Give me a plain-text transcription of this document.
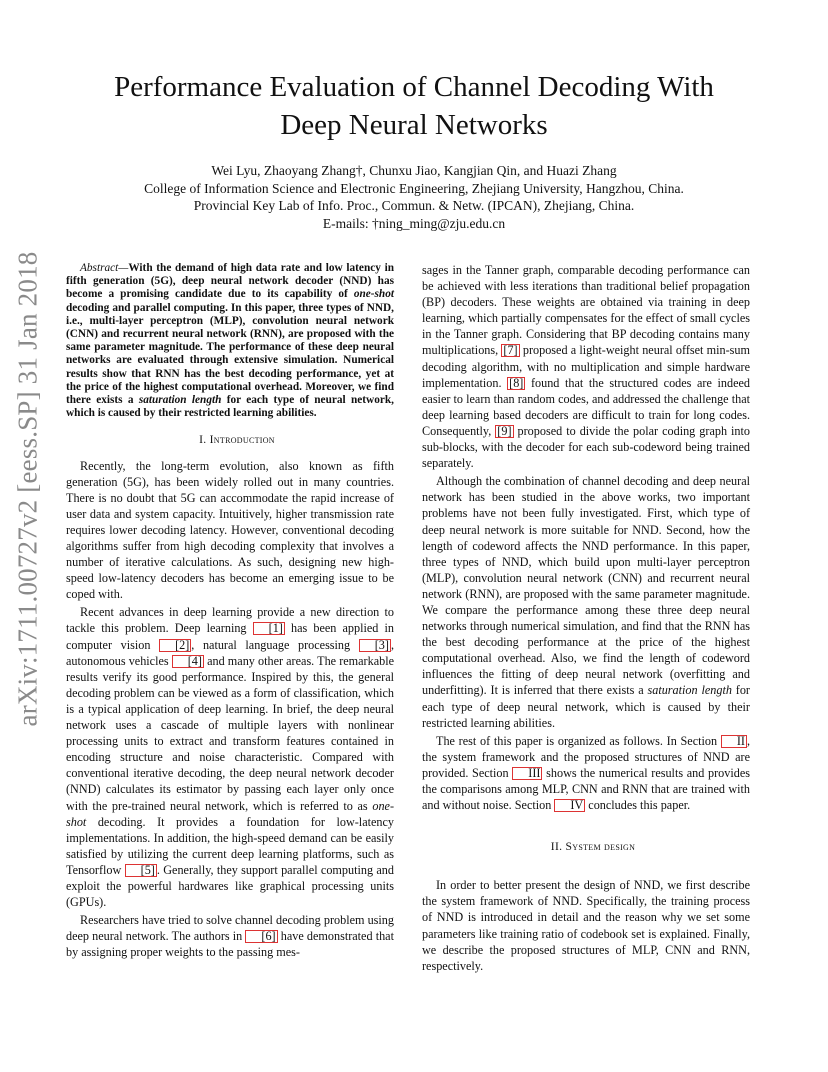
Performance Evaluation of Channel Decoding With
Deep Neural Networks
Wei Lyu, Zhaoyang Zhang†, Chunxu Jiao, Kangjian Qin, and Huazi Zhang
College of Information Science and Electronic Engineering, Zhejiang University, Hangzhou, China.
Provincial Key Lab of Info. Proc., Commun. & Netw. (IPCAN), Zhejiang, China.
E-mails: †ning_ming@zju.edu.cn
arXiv:1711.00727v2 [eess.SP] 31 Jan 2018	Abstract—With the demand of high data rate and low latency in fifth generation (5G), deep neural network decoder (NND) has become a promising candidate due to its capability of one-shot decoding and parallel computing. In this paper, three types of NND, i.e., multi-layer perceptron (MLP), convolution neural network (CNN) and recurrent neural network (RNN), are proposed with the same parameter magnitude. The performance of these deep neural networks are evaluated through extensive simulation. Numerical results show that RNN has the best decoding performance, yet at the price of the highest computational overhead. Moreover, we find there exists a saturation length for each type of neural network, which is caused by their restricted learning abilities.

I. Introduction

Recently, the long-term evolution, also known as fifth generation (5G), has been widely rolled out in many countries. There is no doubt that 5G can accommodate the rapid increase of user data and system capacity. Intuitively, higher transmission rate requires lower decoding latency. However, conventional decoding algorithms suffer from high decoding complexity that involves a number of iterative calculations. As such, designing new high-speed low-latency decoders has become an emerging issue to be coped with.

Recent advances in deep learning provide a new direction to tackle this problem. Deep learning [1] has been applied in computer vision [2] , natural language processing [3] , autonomous vehicles [4] and many other areas. The remarkable results verify its good performance. Inspired by this, the general decoding problem can be viewed as a form of classification, which is a typical application of deep learning. In brief, the deep neural network uses a cascade of multiple layers with nonlinear processing units to extract and transform features contained in encoding structure and noise characteristic. Compared with conventional iterative decoding, the deep neural network decoder (NND) calculates its estimator by passing each layer only once with the pre-trained neural network, which is referred to as one-shot decoding. It provides a foundation for low-latency implementations. In addition, the high-speed demand can be easily satisfied by utilizing the current deep learning platforms, such as Tensorflow [5] . Generally, they support parallel computing and exploit the powerful hardwares like graphical processing units (GPUs).

Researchers have tried to solve channel decoding problem using deep neural network. The authors in [6] have demonstrated that by assigning proper weights to the passing mes-

sages in the Tanner graph, comparable decoding performance can be achieved with less iterations than traditional belief propagation (BP) decoders. These weights are obtained via training in deep learning, which partially compensates for the effect of small cycles in the Tanner graph. Considering that BP decoding contains many multiplications, [7] proposed a light-weight neural offset min-sum decoding algorithm, with no multiplication and simple hardware implementation. [8] found that the structured codes are indeed easier to learn than random codes, and addressed the challenge that deep learning based decoders are difficult to train for long codes. Consequently, [9] proposed to divide the polar coding graph into sub-blocks, with the decoder for each sub-codeword being trained separately.

Although the combination of channel decoding and deep neural network has been studied in the above works, two important problems have not been fully investigated. First, which type of deep neural network is more suitable for NND. Second, how the length of codeword affects the NND performance. In this paper, three types of NND, which build upon multi-layer perceptron (MLP), convolution neural network (CNN) and recurrent neural network (RNN), are proposed with the same parameter magnitude. We compare the performance among these three deep neural networks through numerical simulation, and find that the RNN has the best decoding performance at the price of the highest computational overhead. Also, we find the length of codeword influences the fitting of deep neural network (overfitting and underfitting). It is inferred that there exists a saturation length for each type of deep neural network, which is caused by their restricted learning abilities.

The rest of this paper is organized as follows. In Section II , the system framework and the proposed structures of NND are provided. Section III shows the numerical results and provides the comparisons among MLP, CNN and RNN that are trained with and without noise. Section IV concludes this paper.

II. System design

In order to better present the design of NND, we first describe the system framework of NND. Specifically, the training process of NND is introduced in detail and the reason why we set some parameters like training ratio of codebook set is explained. Finally, we describe the proposed structures of MLP, CNN and RNN, respectively.
